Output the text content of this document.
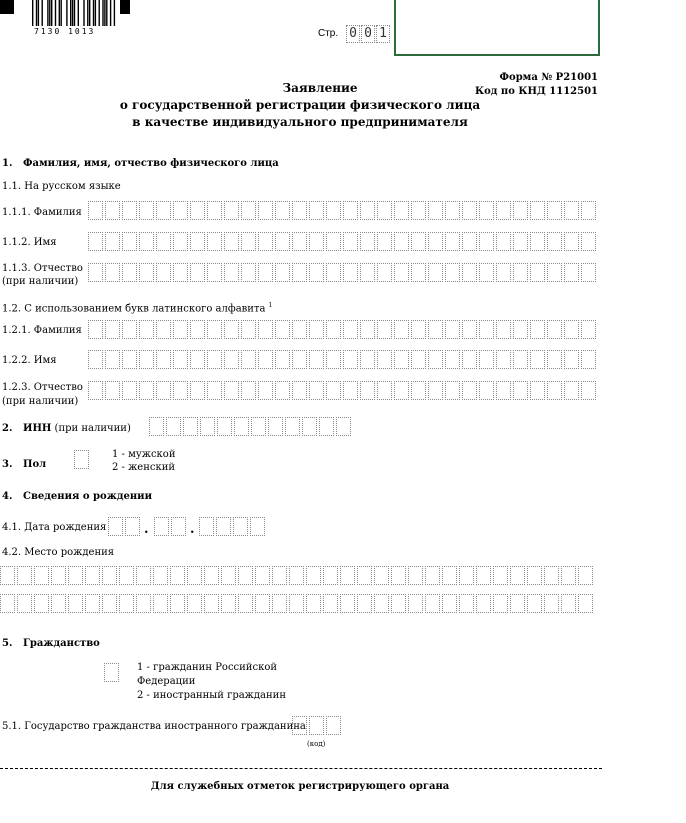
7130 1013	Стр. 0 0 1
Форма № Р21001
Код по КНД 1112501
Заявление
о государственной регистрации физического лица
в качестве индивидуального предпринимателя
1. Фамилия, имя, отчество физического лица
1.1. На русском языке
1.1.1. Фамилия
1.1.2. Имя
1.1.3. Отчество
(при наличии)
1.2. С использованием букв латинского алфавита $^1$
1.2.1. Фамилия
1.2.2. Имя
1.2.3. Отчество
(при наличии)
2. ИНН (при наличии)
3. Пол
1 - мужской
2 - женский
4. Сведения о рождении
4.1. Дата рождения	.	.
4.2. Место рождения
5. Гражданство
1 - гражданин Российской
Федерации
2 - иностранный гражданин
5.1. Государство гражданства иностранного гражданина
(код)
Для служебных отметок регистрирующего органа
